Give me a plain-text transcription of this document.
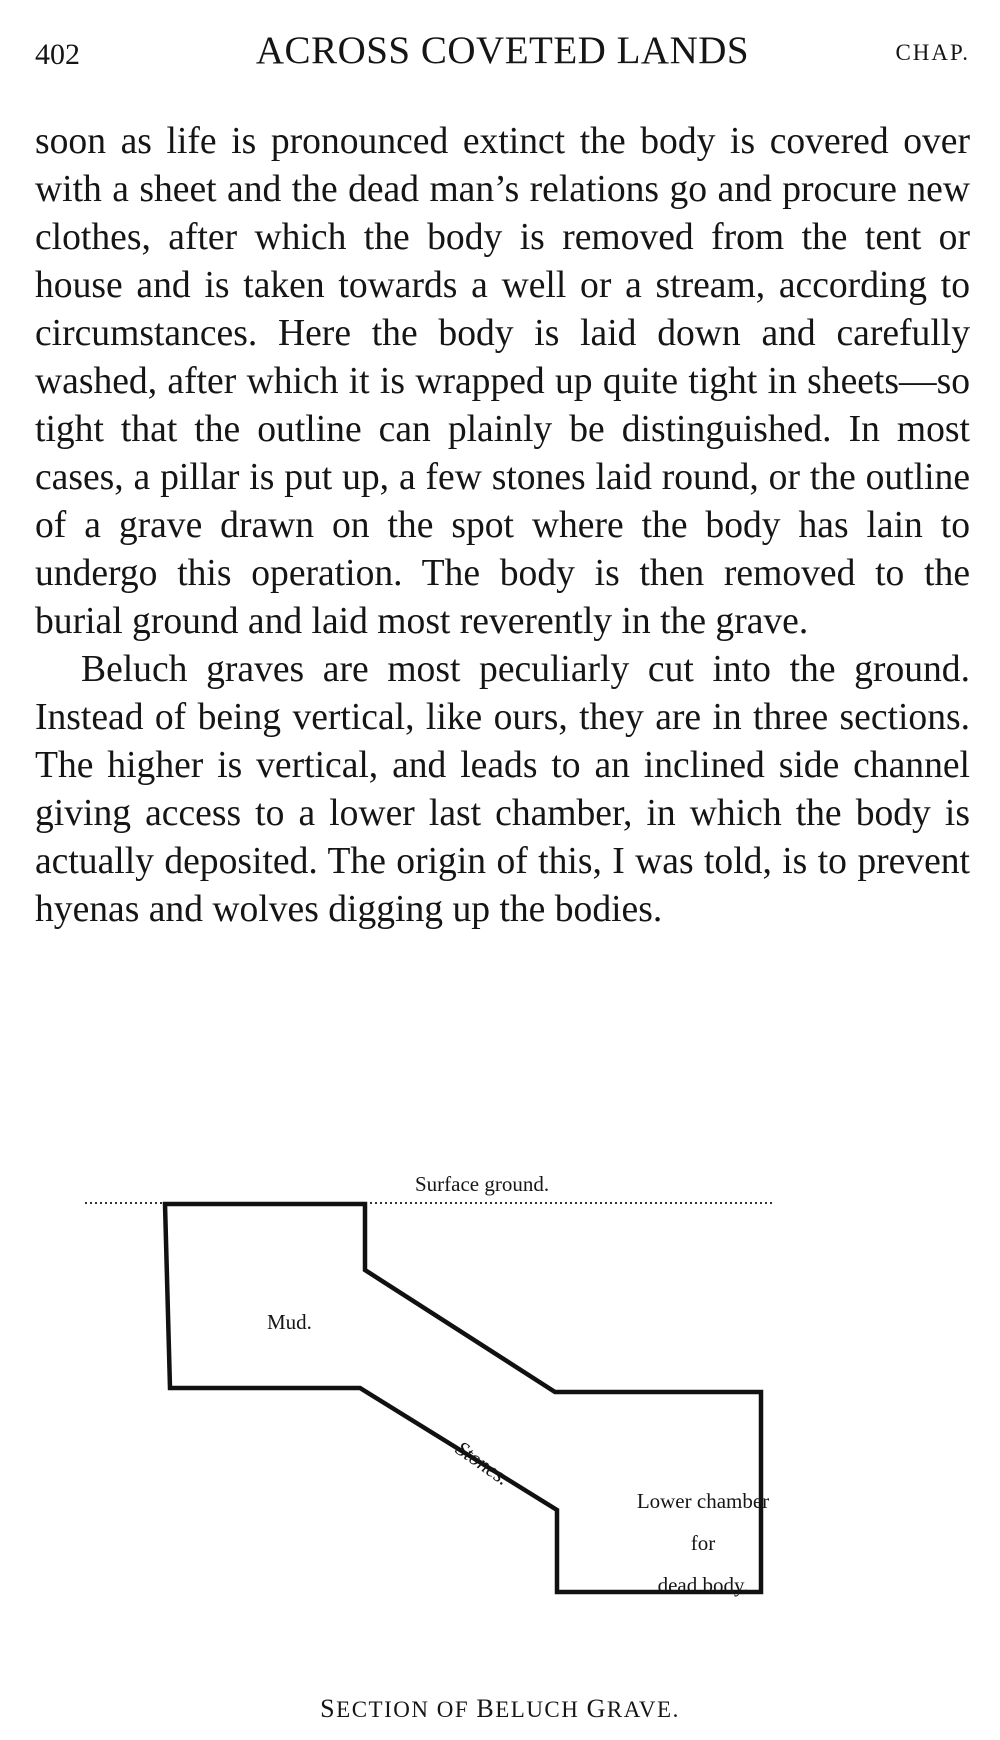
402	ACROSS COVETED LANDS	CHAP.

soon as life is pronounced extinct the body is covered over with a sheet and the dead man’s relations go and procure new clothes, after which the body is removed from the tent or house and is taken towards a well or a stream, according to circumstances. Here the body is laid down and carefully washed, after which it is wrapped up quite tight in sheets—so tight that the outline can plainly be distinguished. In most cases, a pillar is put up, a few stones laid round, or the outline of a grave drawn on the spot where the body has lain to undergo this operation. The body is then removed to the burial ground and laid most reverently in the grave.

Beluch graves are most peculiarly cut into the ground. Instead of being vertical, like ours, they are in three sections. The higher is vertical, and leads to an inclined side channel giving access to a lower last chamber, in which the body is actually deposited. The origin of this, I was told, is to prevent hyenas and wolves digging up the bodies.

Surface ground.
Mud.
Stones.
Lower chamber
for
dead body.
SECTION OF BELUCH GRAVE.
